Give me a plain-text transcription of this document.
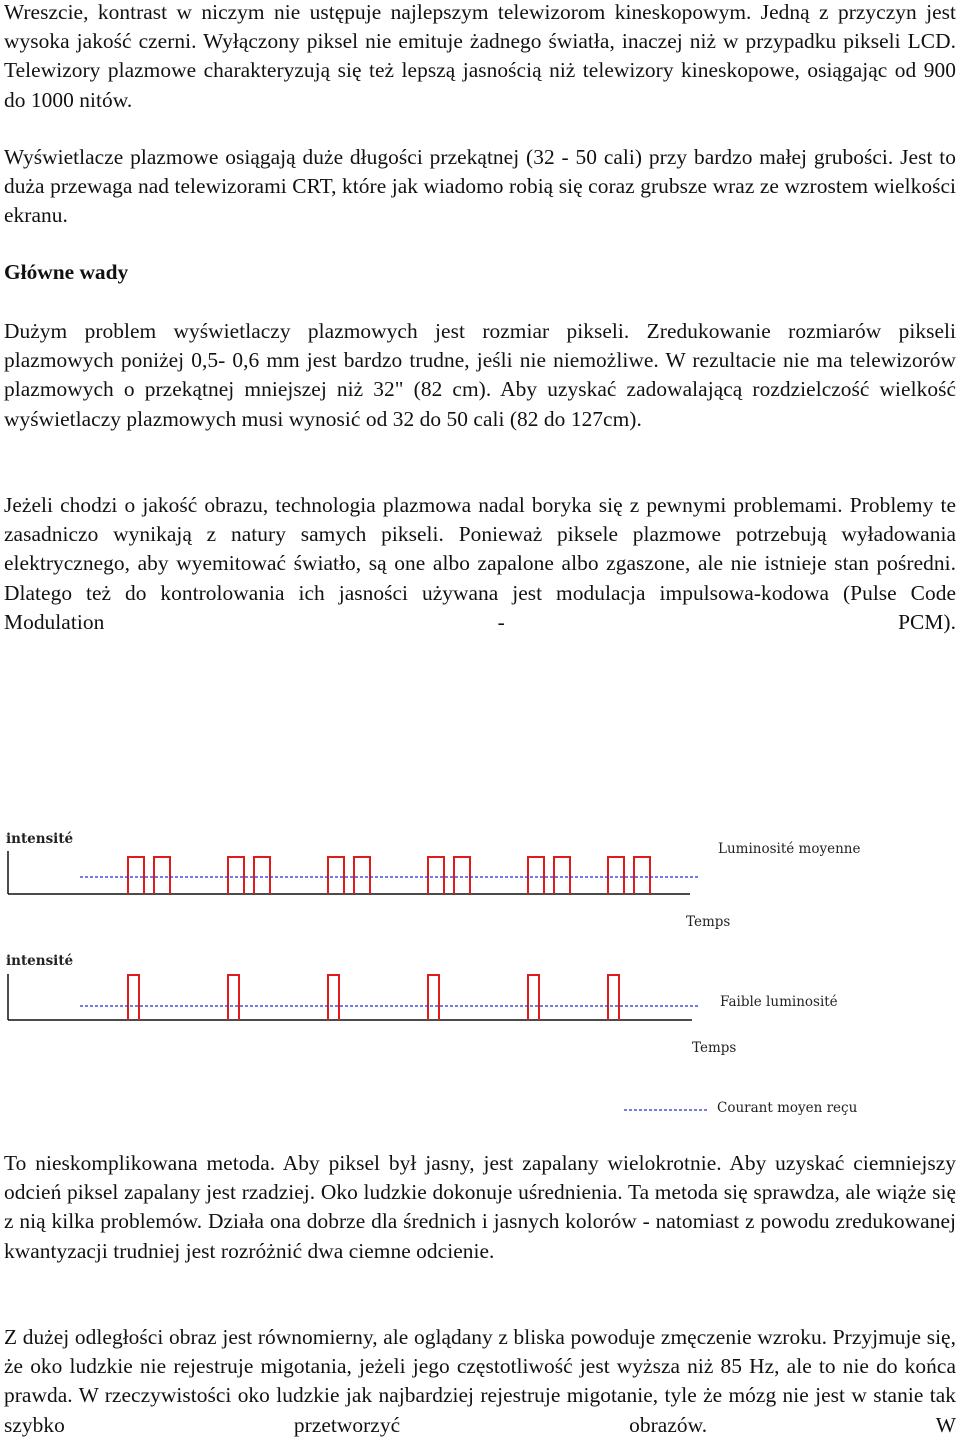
Wreszcie, kontrast w niczym nie ustępuje najlepszym telewizorom kineskopowym. Jedną z przyczyn jest wysoka jakość czerni. Wyłączony piksel nie emituje żadnego światła, inaczej niż w przypadku pikseli LCD. Telewizory plazmowe charakteryzują się też lepszą jasnością niż telewizory kineskopowe, osiągając od 900 do 1000 nitów.

Wyświetlacze plazmowe osiągają duże długości przekątnej (32 - 50 cali) przy bardzo małej grubości. Jest to duża przewaga nad telewizorami CRT, które jak wiadomo robią się coraz grubsze wraz ze wzrostem wielkości ekranu.

Główne wady

Dużym problem wyświetlaczy plazmowych jest rozmiar pikseli. Zredukowanie rozmiarów pikseli plazmowych poniżej 0,5- 0,6 mm jest bardzo trudne, jeśli nie niemożliwe. W rezultacie nie ma telewizorów plazmowych o przekątnej mniejszej niż 32" (82 cm). Aby uzyskać zadowalającą rozdzielczość wielkość wyświetlaczy plazmowych musi wynosić od 32 do 50 cali (82 do 127cm).

Jeżeli chodzi o jakość obrazu, technologia plazmowa nadal boryka się z pewnymi problemami. Problemy te zasadniczo wynikają z natury samych pikseli. Ponieważ piksele plazmowe potrzebują wyładowania elektrycznego, aby wyemitować światło, są one albo zapalone albo zgaszone, ale nie istnieje stan pośredni. Dlatego też do kontrolowania ich jasności używana jest modulacja impulsowa-kodowa (Pulse Code Modulation - PCM).

intensité
Luminosité moyenne
Temps
intensité
Faible luminosité
Temps
Courant moyen reçu

To nieskomplikowana metoda. Aby piksel był jasny, jest zapalany wielokrotnie. Aby uzyskać ciemniejszy odcień piksel zapalany jest rzadziej. Oko ludzkie dokonuje uśrednienia. Ta metoda się sprawdza, ale wiąże się z nią kilka problemów. Działa ona dobrze dla średnich i jasnych kolorów - natomiast z powodu zredukowanej kwantyzacji trudniej jest rozróżnić dwa ciemne odcienie.

Z dużej odległości obraz jest równomierny, ale oglądany z bliska powoduje zmęczenie wzroku. Przyjmuje się, że oko ludzkie nie rejestruje migotania, jeżeli jego częstotliwość jest wyższa niż 85 Hz, ale to nie do końca prawda. W rzeczywistości oko ludzkie jak najbardziej rejestruje migotanie, tyle że mózg nie jest w stanie tak szybko przetworzyć obrazów. W
